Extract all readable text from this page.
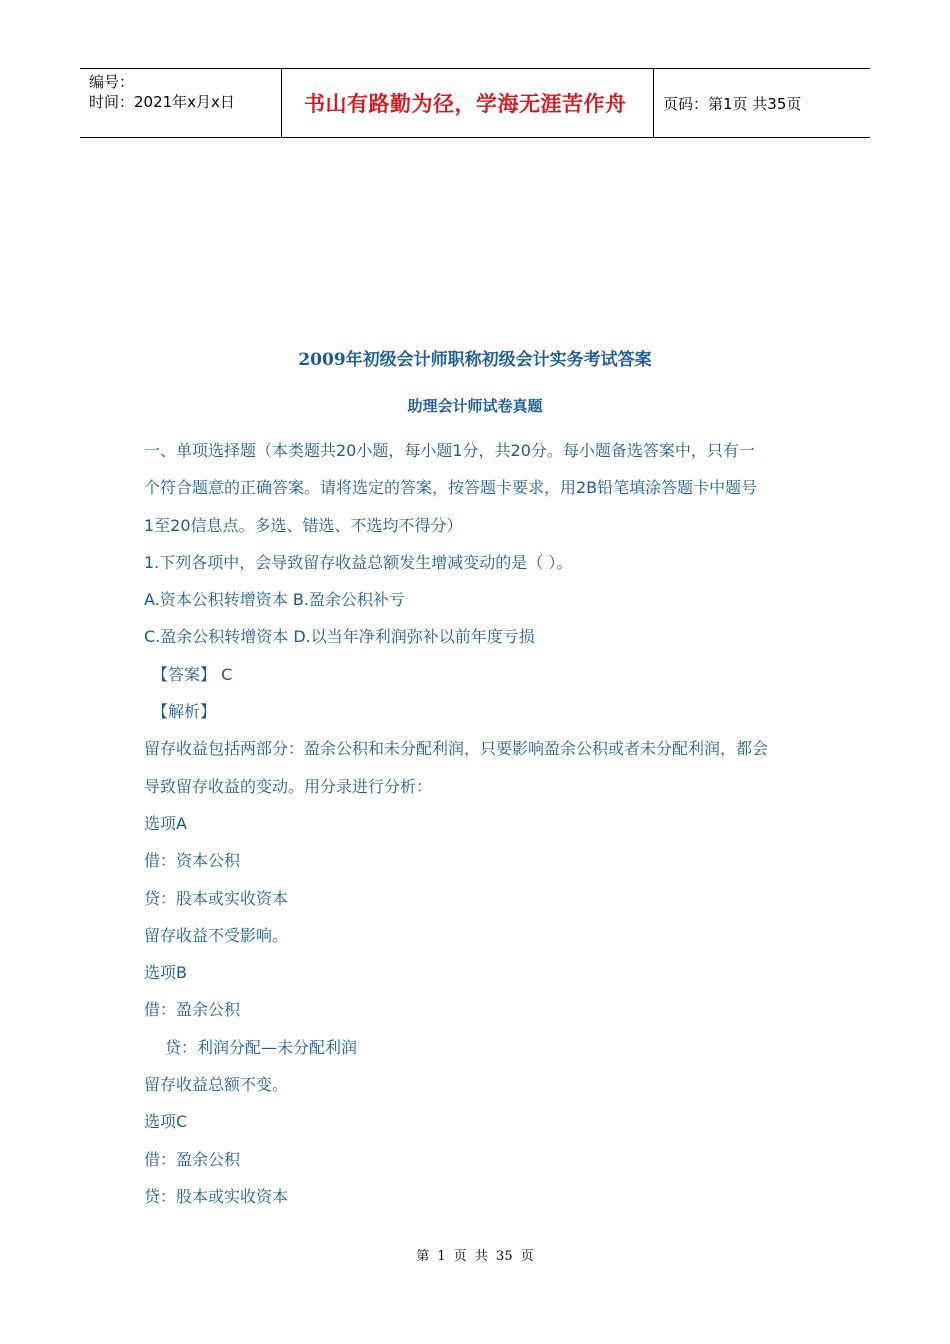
编号：
时间：2021年x月x日	书山有路勤为径，学海无涯苦作舟 页码：第1页 共35页
2009年初级会计师职称初级会计实务考试答案
助理会计师试卷真题
一、单项选择题（本类题共20小题，每小题1分，共20分。每小题备选答案中，只有一
个符合题意的正确答案。请将选定的答案，按答题卡要求，用2B铅笔填涂答题卡中题号
1至20信息点。多选、错选、不选均不得分）
1.下列各项中，会导致留存收益总额发生增减变动的是（ ）。
A.资本公积转增资本 B.盈余公积补亏
C.盈余公积转增资本 D.以当年净利润弥补以前年度亏损
【答案】 C
【解析】
留存收益包括两部分：盈余公积和未分配利润，只要影响盈余公积或者未分配利润，都会
导致留存收益的变动。用分录进行分析：
选项A
借：资本公积
贷：股本或实收资本
留存收益不受影响。
选项B
借：盈余公积
贷：利润分配—未分配利润
留存收益总额不变。
选项C
借：盈余公积
贷：股本或实收资本
第 1 页 共 35 页
